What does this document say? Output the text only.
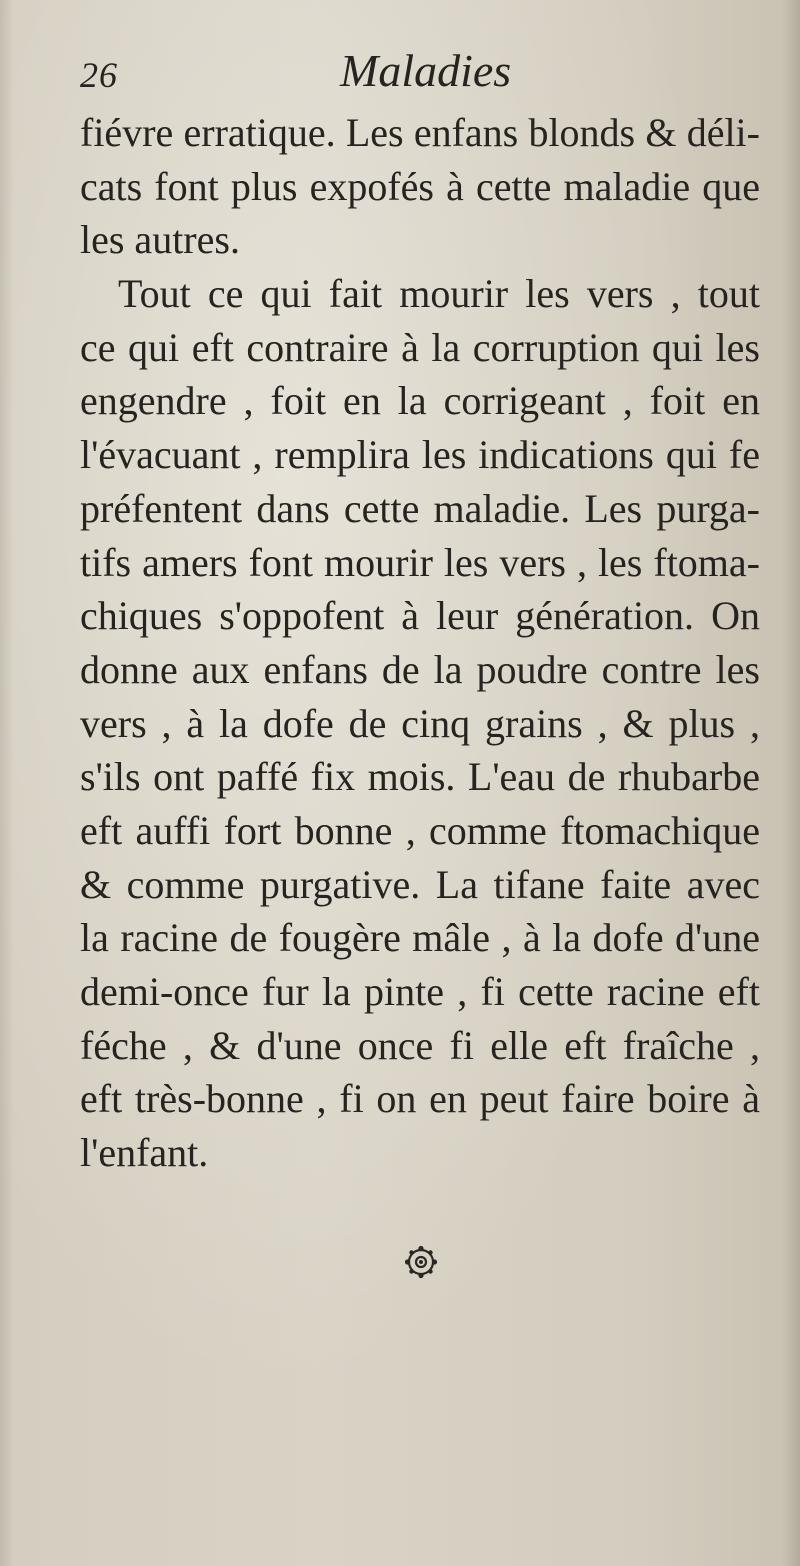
26	Maladies
fiévre erratique. Les enfans blonds & déli-
cats font plus expofés à cette maladie que
les autres.
Tout ce qui fait mourir les vers , tout
ce qui eft contraire à la corruption qui les
engendre , foit en la corrigeant , foit en
l'évacuant , remplira les indications qui fe
préfentent dans cette maladie. Les purga-
tifs amers font mourir les vers , les ftoma-
chiques s'oppofent à leur génération. On
donne aux enfans de la poudre contre les
vers , à la dofe de cinq grains , & plus ,
s'ils ont paffé fix mois. L'eau de rhubarbe
eft auffi fort bonne , comme ftomachique
& comme purgative. La tifane faite avec
la racine de fougère mâle , à la dofe d'une
demi-once fur la pinte , fi cette racine eft
féche , & d'une once fi elle eft fraîche ,
eft très-bonne , fi on en peut faire boire à
l'enfant.
